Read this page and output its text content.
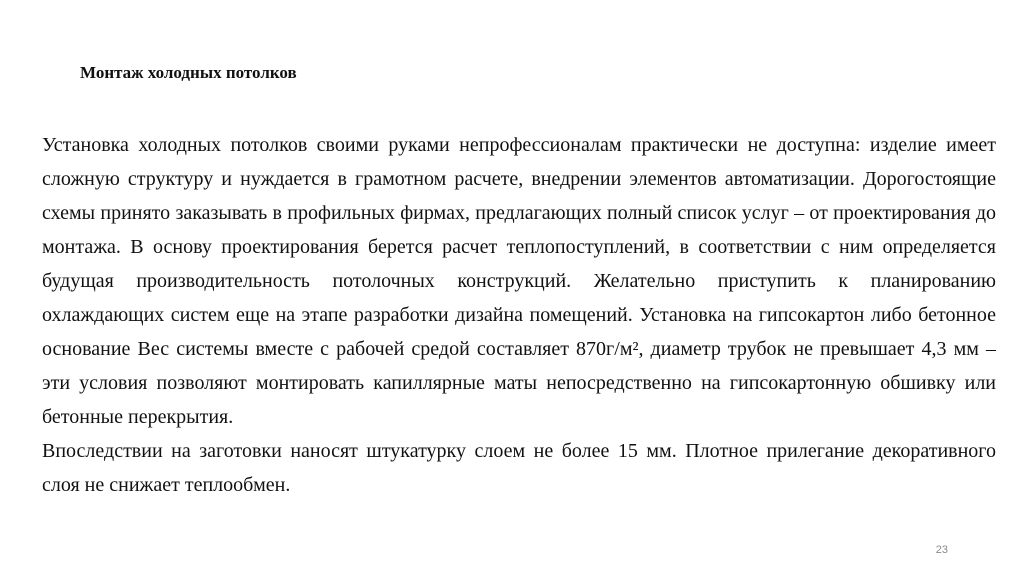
Монтаж холодных потолков

Установка холодных потолков своими руками непрофессионалам практически не доступна: изделие имеет сложную структуру и нуждается в грамотном расчете, внедрении элементов автоматизации. Дорогостоящие схемы принято заказывать в профильных фирмах, предлагающих полный список услуг – от проектирования до монтажа. В основу проектирования берется расчет теплопоступлений, в соответствии с ним определяется будущая производительность потолочных конструкций. Желательно приступить к планированию охлаждающих систем еще на этапе разработки дизайна помещений. Установка на гипсокартон либо бетонное основание Вес системы вместе с рабочей средой составляет 870г/м², диаметр трубок не превышает 4,3 мм – эти условия позволяют монтировать капиллярные маты непосредственно на гипсокартонную обшивку или бетонные перекрытия.

Впоследствии на заготовки наносят штукатурку слоем не более 15 мм. Плотное прилегание декоративного слоя не снижает теплообмен.

23
